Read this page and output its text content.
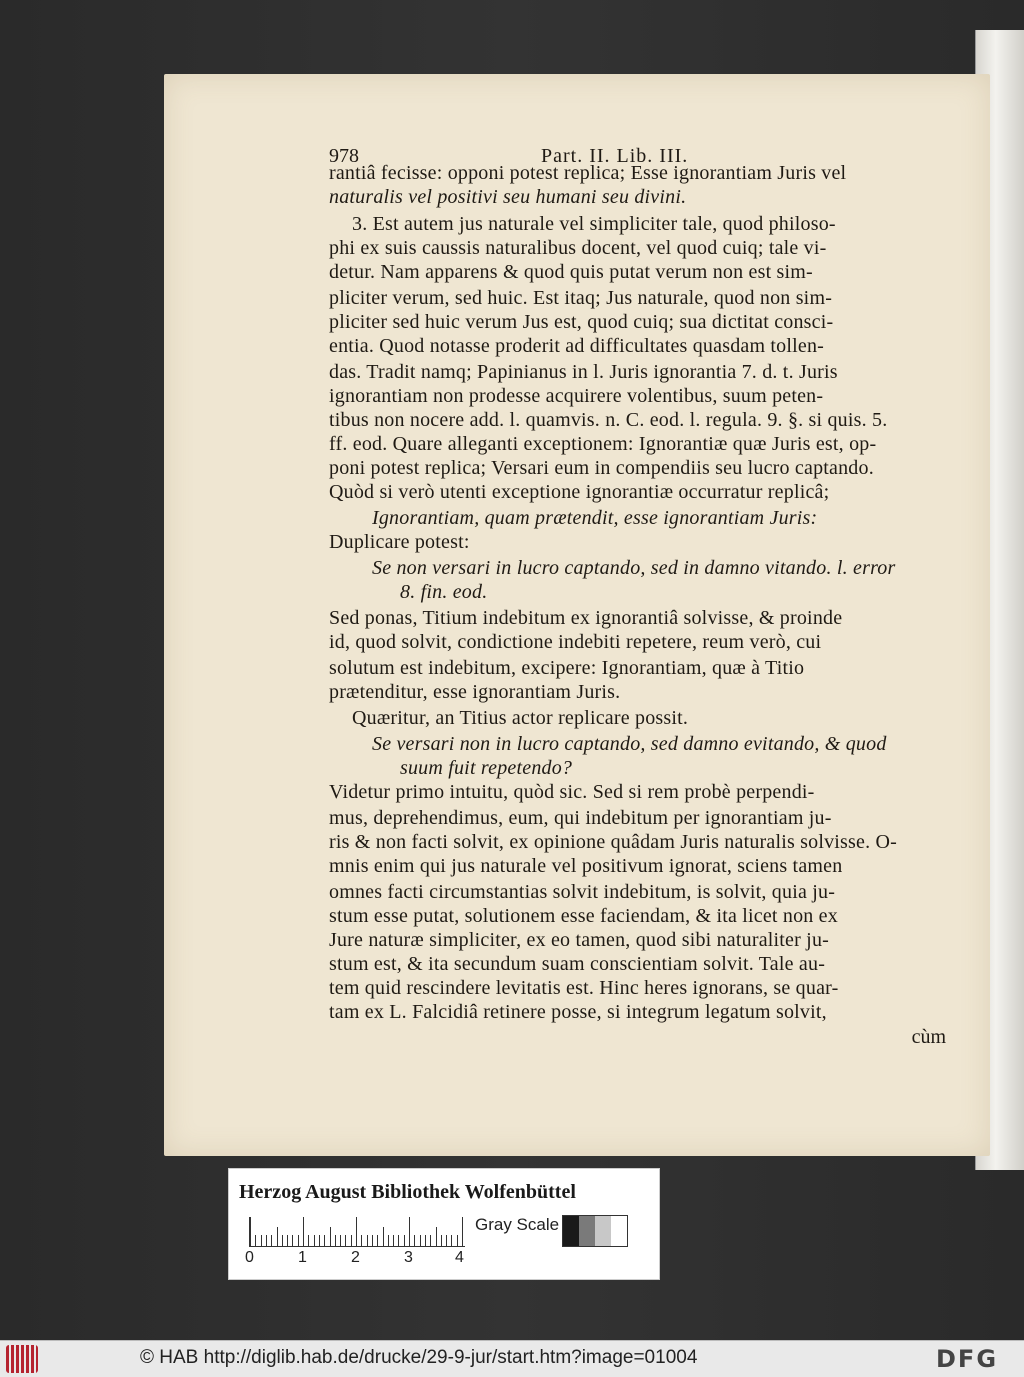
978	Part. II. Lib. III.
rantiâ fecisse: opponi potest replica; Esse ignorantiam Juris vel
naturalis vel positivi seu humani seu divini.
3. Est autem jus naturale vel simpliciter tale, quod philoso-
phi ex suis caussis naturalibus docent, vel quod cuiq; tale vi-
detur. Nam apparens & quod quis putat verum non est sim-
pliciter verum, sed huic. Est itaq; Jus naturale, quod non sim-
pliciter sed huic verum Jus est, quod cuiq; sua dictitat consci-
entia. Quod notasse proderit ad difficultates quasdam tollen-
das. Tradit namq; Papinianus in l. Juris ignorantia 7. d. t. Juris
ignorantiam non prodesse acquirere volentibus, suum peten-
tibus non nocere add. l. quamvis. n. C. eod. l. regula. 9. §. si quis. 5.
ff. eod. Quare alleganti exceptionem: Ignorantiæ quæ Juris est, op-
poni potest replica; Versari eum in compendiis seu lucro captando.
Quòd si verò utenti exceptione ignorantiæ occurratur replicâ;
Ignorantiam, quam prætendit, esse ignorantiam Juris:
Duplicare potest:
Se non versari in lucro captando, sed in damno vitando. l. error
8. fin. eod.
Sed ponas, Titium indebitum ex ignorantiâ solvisse, & proinde
id, quod solvit, condictione indebiti repetere, reum verò, cui
solutum est indebitum, excipere: Ignorantiam, quæ à Titio
prætenditur, esse ignorantiam Juris.
Quæritur, an Titius actor replicare possit.
Se versari non in lucro captando, sed damno evitando, & quod
suum fuit repetendo?
Videtur primo intuitu, quòd sic. Sed si rem probè perpendi-
mus, deprehendimus, eum, qui indebitum per ignorantiam ju-
ris & non facti solvit, ex opinione quâdam Juris naturalis solvisse. O-
mnis enim qui jus naturale vel positivum ignorat, sciens tamen
omnes facti circumstantias solvit indebitum, is solvit, quia ju-
stum esse putat, solutionem esse faciendam, & ita licet non ex
Jure naturæ simpliciter, ex eo tamen, quod sibi naturaliter ju-
stum est, & ita secundum suam conscientiam solvit. Tale au-
tem quid rescindere levitatis est. Hinc heres ignorans, se quar-
tam ex L. Falcidiâ retinere posse, si integrum legatum solvit,
cùm
Herzog August Bibliothek Wolfenbüttel
0	1	2	3	4
Gray Scale
© HAB http://diglib.hab.de/drucke/29-9-jur/start.htm?image=01004	DFG
